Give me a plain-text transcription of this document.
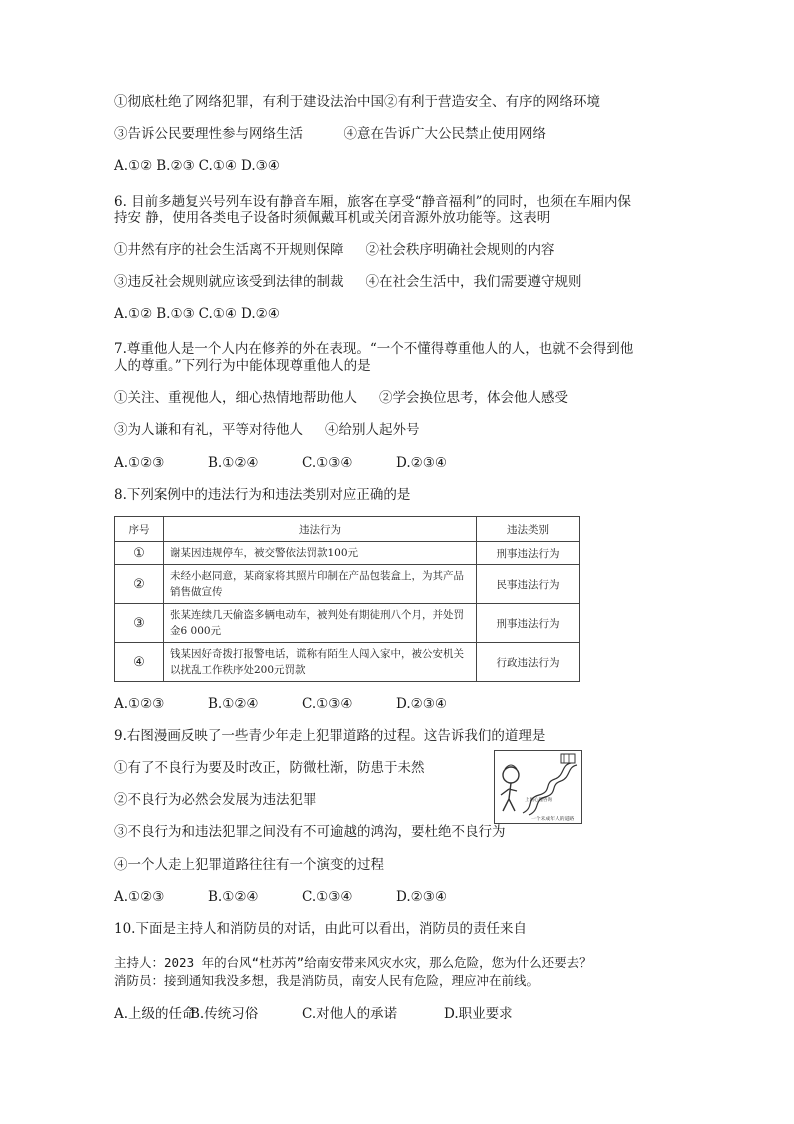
①彻底杜绝了网络犯罪，有利于建设法治中国②有利于营造安全、有序的网络环境
③告诉公民要理性参与网络生活　　　④意在告诉广大公民禁止使用网络
A.①② B.②③ C.①④ D.③④
6. 目前多趟复兴号列车设有静音车厢，旅客在享受“静音福利”的同时，也须在车厢内保
持安 静，使用各类电子设备时须佩戴耳机或关闭音源外放功能等。这表明
①井然有序的社会生活离不开规则保障 ②社会秩序明确社会规则的内容
③违反社会规则就应该受到法律的制裁 ④在社会生活中，我们需要遵守规则
A.①② B.①③ C.①④ D.②④
7.尊重他人是一个人内在修养的外在表现。“一个不懂得尊重他人的人，也就不会得到他
人的尊重。”下列行为中能体现尊重他人的是
①关注、重视他人，细心热情地帮助他人 ②学会换位思考，体会他人感受
③为人谦和有礼，平等对待他人 ④给别人起外号
A.①②③	B.①②④	C.①③④	D.②③④
8.下列案例中的违法行为和违法类别对应正确的是
序号	违法行为	违法类别
①	谢某因违规停车，被交警依法罚款100元	刑事违法行为
②	未经小赵同意，某商家将其照片印制在产品包装盒上，为其产品销售做宣传	民事违法行为
③	张某连续几天偷盗多辆电动车，被判处有期徒刑八个月，并处罚金6 000元	刑事违法行为
④	钱某因好奇拨打报警电话，谎称有陌生人闯入家中，被公安机关以扰乱工作秩序处200元罚款	行政违法行为
A.①②③	B.①②④	C.①③④	D.②③④
9.右图漫画反映了一些青少年走上犯罪道路的过程。这告诉我们的道理是
①有了不良行为要及时改正，防微杜渐，防患于未然
②不良行为必然会发展为违法犯罪
③不良行为和违法犯罪之间没有不可逾越的鸿沟，要杜绝不良行为
④一个人走上犯罪道路往往有一个演变的过程
上网心理咨询
一个未成年人的道路
A.①②③	B.①②④	C.①③④	D.②③④
10.下面是主持人和消防员的对话，由此可以看出，消防员的责任来自
主持人：2023 年的台风“杜苏芮”给南安带来风灾水灾，那么危险，您为什么还要去？
消防员：接到通知我没多想，我是消防员，南安人民有危险，理应冲在前线。
A.上级的任命B.传统习俗	C.对他人的承诺	D.职业要求
